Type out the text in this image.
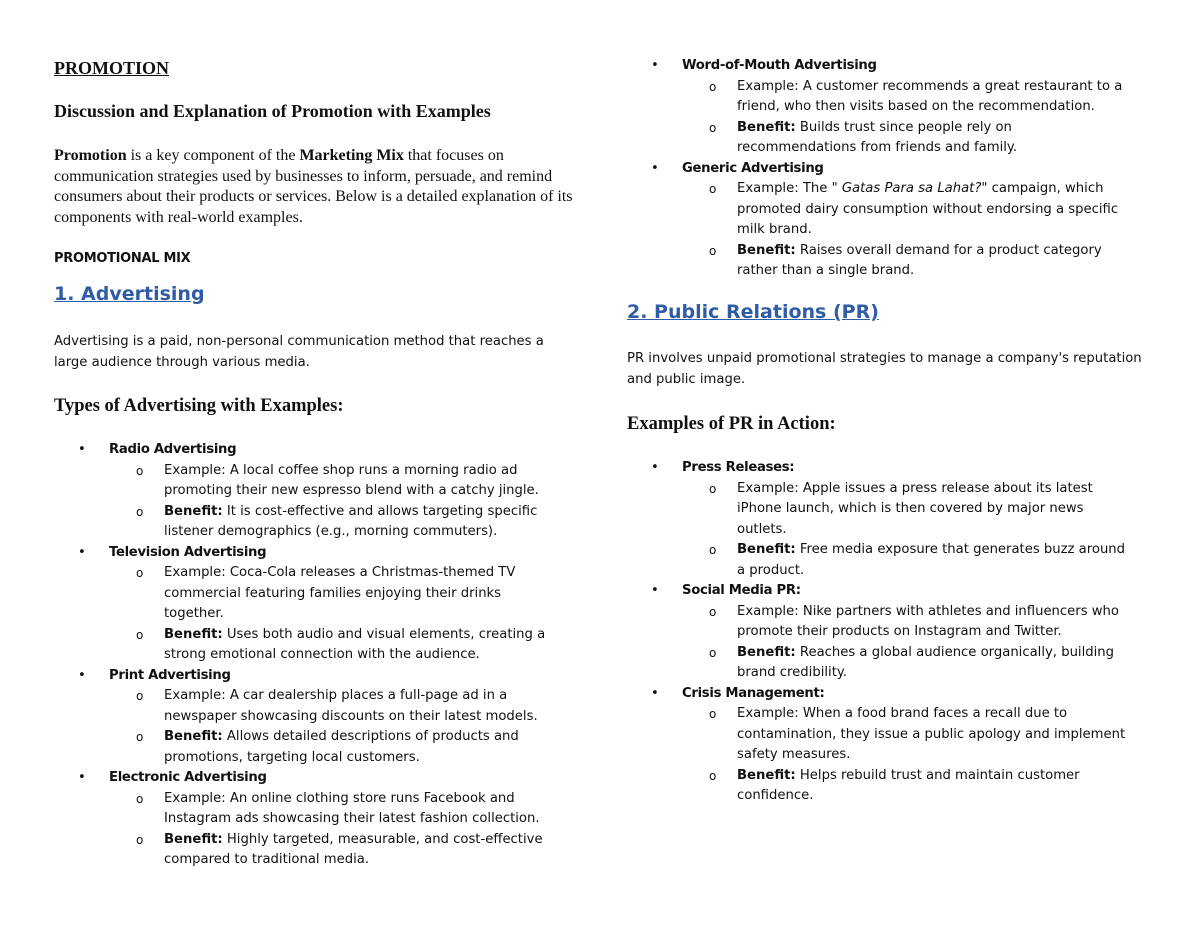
PROMOTION
Discussion and Explanation of Promotion with Examples
Promotion is a key component of the Marketing Mix that focuses on communication strategies used by businesses to inform, persuade, and remind consumers about their products or services. Below is a detailed explanation of its components with real-world examples.
PROMOTIONAL MIX
1. Advertising
Advertising is a paid, non-personal communication method that reaches a large audience through various media.
Types of Advertising with Examples:
• Radio Advertising
o Example: A local coffee shop runs a morning radio ad promoting their new espresso blend with a catchy jingle.
o Benefit: It is cost-effective and allows targeting specific listener demographics (e.g., morning commuters).
• Television Advertising
o Example: Coca-Cola releases a Christmas-themed TV commercial featuring families enjoying their drinks together.
o Benefit: Uses both audio and visual elements, creating a strong emotional connection with the audience.
• Print Advertising
o Example: A car dealership places a full-page ad in a newspaper showcasing discounts on their latest models.
o Benefit: Allows detailed descriptions of products and promotions, targeting local customers.
• Electronic Advertising
o Example: An online clothing store runs Facebook and Instagram ads showcasing their latest fashion collection.
o Benefit: Highly targeted, measurable, and cost-effective compared to traditional media.
• Word-of-Mouth Advertising
o Example: A customer recommends a great restaurant to a friend, who then visits based on the recommendation.
o Benefit: Builds trust since people rely on recommendations from friends and family.
• Generic Advertising
o Example: The " Gatas Para sa Lahat?" campaign, which promoted dairy consumption without endorsing a specific milk brand.
o Benefit: Raises overall demand for a product category rather than a single brand.
2. Public Relations (PR)
PR involves unpaid promotional strategies to manage a company's reputation and public image.
Examples of PR in Action:
• Press Releases:
o Example: Apple issues a press release about its latest iPhone launch, which is then covered by major news outlets.
o Benefit: Free media exposure that generates buzz around a product.
• Social Media PR:
o Example: Nike partners with athletes and influencers who promote their products on Instagram and Twitter.
o Benefit: Reaches a global audience organically, building brand credibility.
• Crisis Management:
o Example: When a food brand faces a recall due to contamination, they issue a public apology and implement safety measures.
o Benefit: Helps rebuild trust and maintain customer confidence.
